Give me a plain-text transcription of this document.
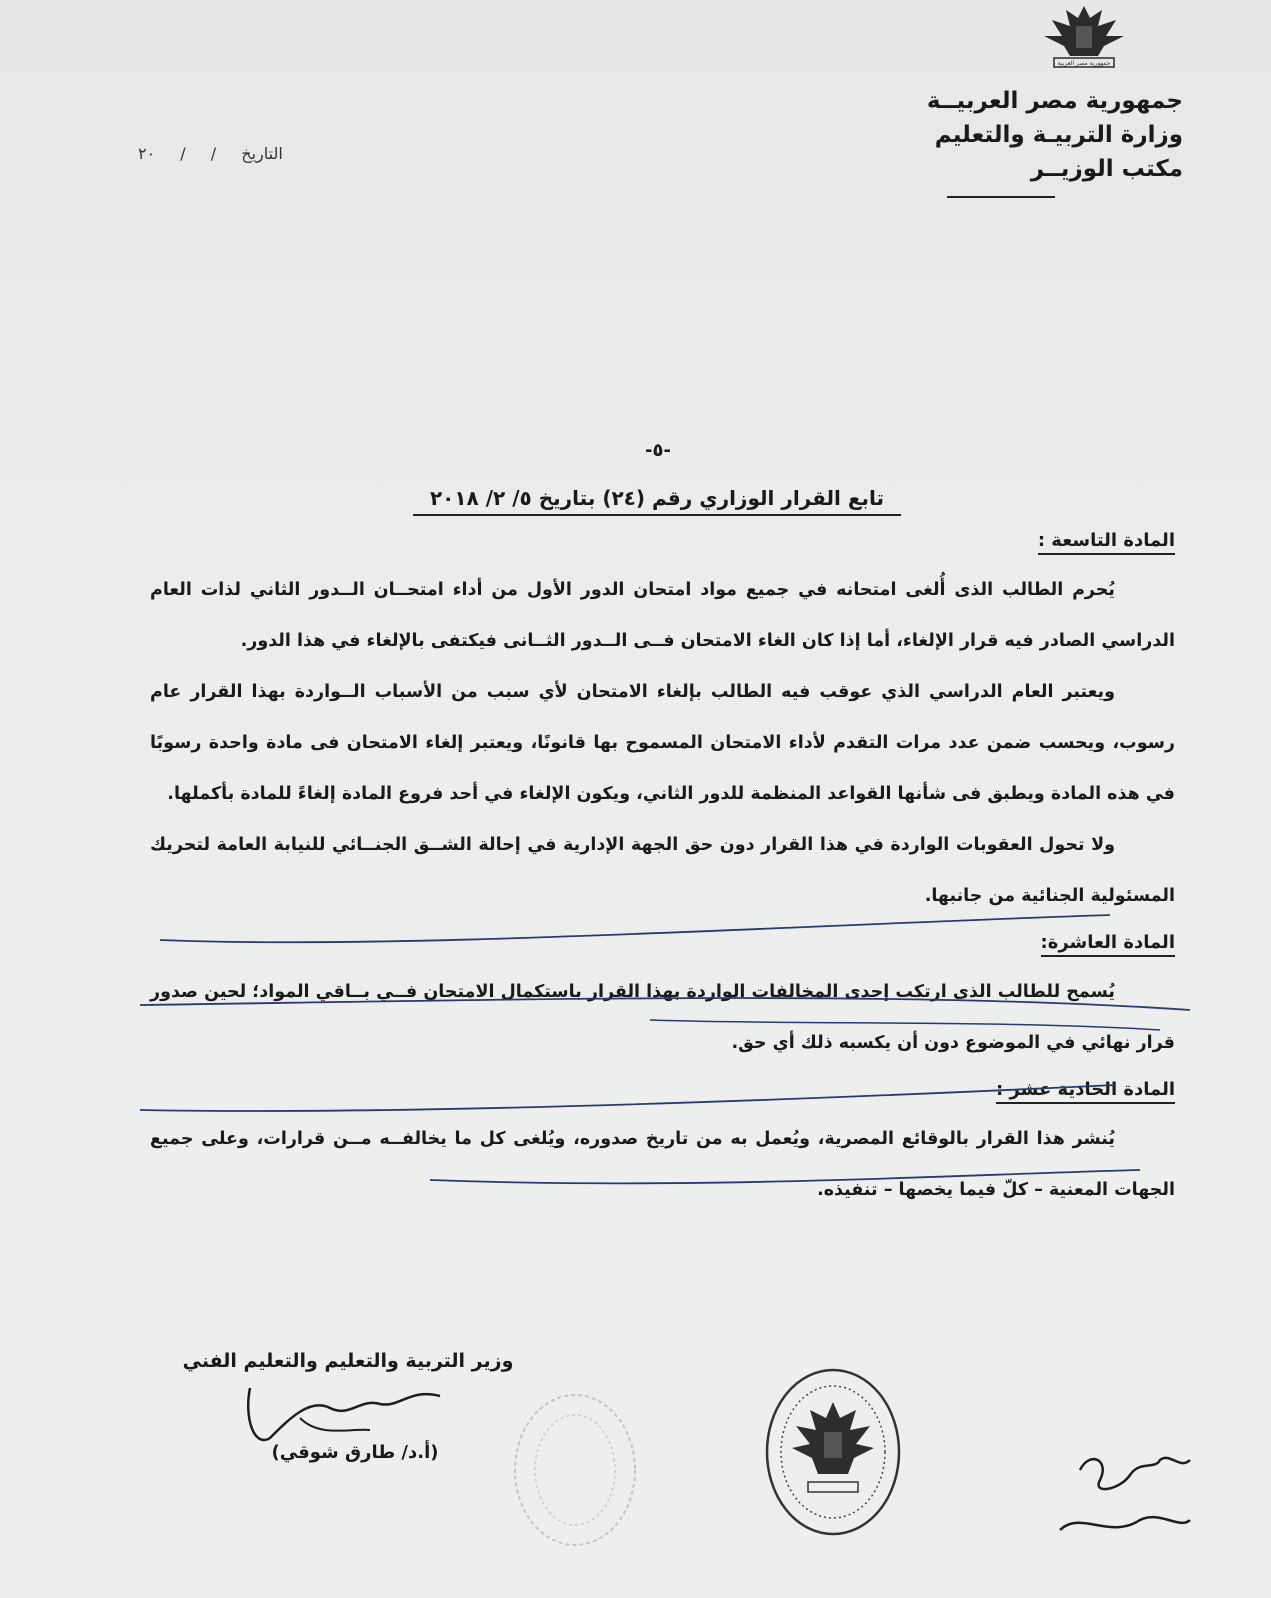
جمهورية مصر العربية
جمهورية مصر العربيــة
وزارة التربيـة والتعليم
مكتب الوزيــر
التاريخ / / ٢٠
-٥-
تابع القرار الوزاري رقم (٢٤) بتاريخ ٥/ ٢/ ٢٠١٨
المادة التاسعة :

يُحرم الطالب الذى أُلغى امتحانه في جميع مواد امتحان الدور الأول من أداء امتحــان الــدور الثاني لذات العام الدراسي الصادر فيه قرار الإلغاء، أما إذا كان الغاء الامتحان فــى الــدور الثــانى فيكتفى بالإلغاء في هذا الدور.

ويعتبر العام الدراسي الذي عوقب فيه الطالب بإلغاء الامتحان لأي سبب من الأسباب الــواردة بهذا القرار عام رسوب، ويحسب ضمن عدد مرات التقدم لأداء الامتحان المسموح بها قانونًا، ويعتبر إلغاء الامتحان فى مادة واحدة رسوبًا في هذه المادة ويطبق فى شأنها القواعد المنظمة للدور الثاني، ويكون الإلغاء في أحد فروع المادة إلغاءً للمادة بأكملها.

ولا تحول العقوبات الواردة في هذا القرار دون حق الجهة الإدارية في إحالة الشــق الجنــائي للنيابة العامة لتحريك المسئولية الجنائية من جانبها.

المادة العاشرة:

يُسمح للطالب الذى ارتكب إحدى المخالفات الواردة بهذا القرار باستكمال الامتحان فــي بــاقي المواد؛ لحين صدور قرار نهائي في الموضوع دون أن يكسبه ذلك أي حق.

المادة الحادية عشر :

يُنشر هذا القرار بالوقائع المصرية، ويُعمل به من تاريخ صدوره، ويُلغى كل ما يخالفــه مــن قرارات، وعلى جميع الجهات المعنية – كلّ فيما يخصها – تنفيذه.

وزير التربية والتعليم والتعليم الفني
(أ.د/ طارق شوقي)
